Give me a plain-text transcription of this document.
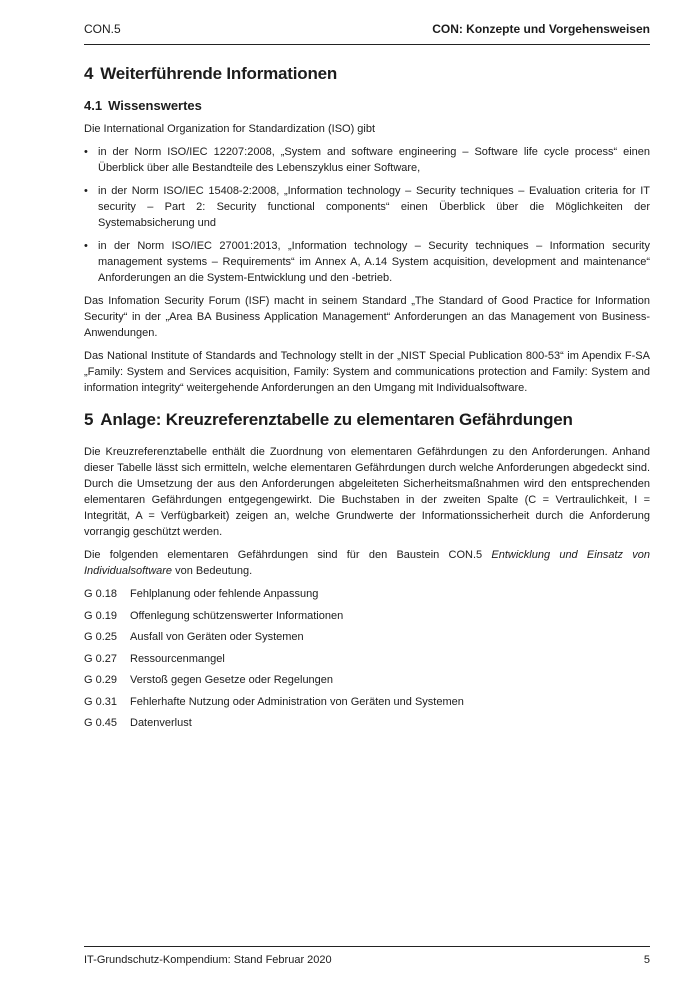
CON.5	CON: Konzepte und Vorgehensweisen
4 Weiterführende Informationen
4.1 Wissenswertes

Die International Organization for Standardization (ISO) gibt

• in der Norm ISO/IEC 12207:2008, „System and software engineering – Software life cycle process“ einen Überblick über alle Bestandteile des Lebenszyklus einer Software,
• in der Norm ISO/IEC 15408-2:2008, „Information technology – Security techniques – Evaluation criteria for IT security – Part 2: Security functional components“ einen Überblick über die Möglichkeiten der Systemabsicherung und
• in der Norm ISO/IEC 27001:2013, „Information technology – Security techniques – Information security management systems – Requirements“ im Annex A, A.14 System acquisition, development and maintenance“ Anforderungen an die System-Entwicklung und den -betrieb.

Das Infomation Security Forum (ISF) macht in seinem Standard „The Standard of Good Practice for Information Security“ in der „Area BA Business Application Management“ Anforderungen an das Management von Business-Anwendungen.

Das National Institute of Standards and Technology stellt in der „NIST Special Publication 800-53“ im Apendix F-SA „Family: System and Services acquisition, Family: System and communications protection and Family: System and information integrity“ weitergehende Anforderungen an den Umgang mit Individualsoftware.

5 Anlage: Kreuzreferenztabelle zu elementaren Gefährdungen

Die Kreuzreferenztabelle enthält die Zuordnung von elementaren Gefährdungen zu den Anforderungen. Anhand dieser Tabelle lässt sich ermitteln, welche elementaren Gefährdungen durch welche Anforderungen abgedeckt sind. Durch die Umsetzung der aus den Anforderungen abgeleiteten Sicherheitsmaßnahmen wird den entsprechenden elementaren Gefährdungen entgegengewirkt. Die Buchstaben in der zweiten Spalte (C = Vertraulichkeit, I = Integrität, A = Verfügbarkeit) zeigen an, welche Grundwerte der Informationssicherheit durch die Anforderung vorrangig geschützt werden.

Die folgenden elementaren Gefährdungen sind für den Baustein CON.5 Entwicklung und Einsatz von Individualsoftware von Bedeutung.

G 0.18	Fehlplanung oder fehlende Anpassung
G 0.19	Offenlegung schützenswerter Informationen
G 0.25	Ausfall von Geräten oder Systemen
G 0.27	Ressourcenmangel
G 0.29	Verstoß gegen Gesetze oder Regelungen
G 0.31	Fehlerhafte Nutzung oder Administration von Geräten und Systemen
G 0.45	Datenverlust
IT-Grundschutz-Kompendium: Stand Februar 2020	5
